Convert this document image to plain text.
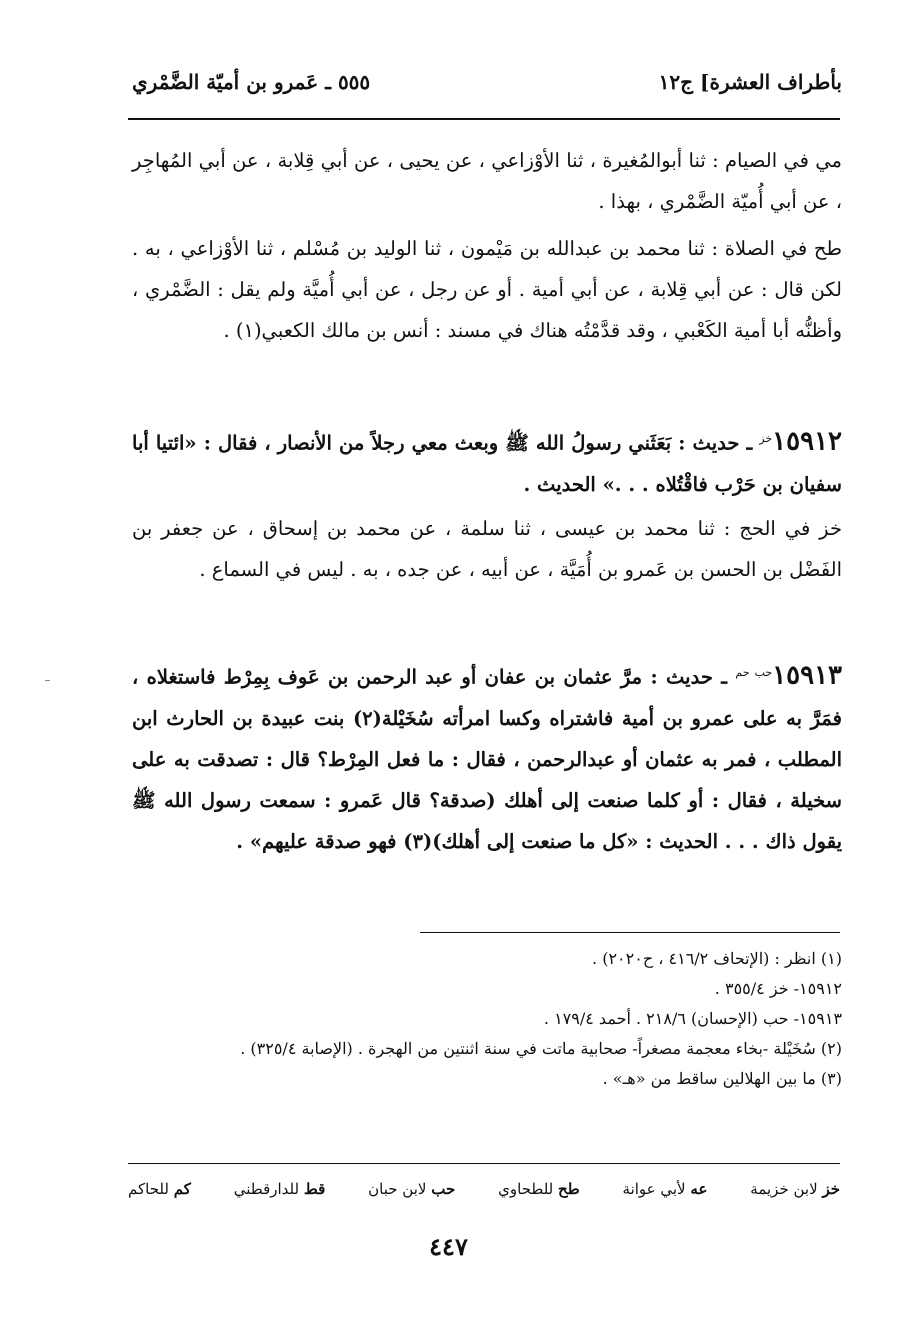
بأطراف العشرة] ج١٢
٥٥٥ ـ عَمرو بن أميّة الضَّمْري
مي في الصيام : ثنا أبوالمُغيرة ، ثنا الأوْزاعي ، عن يحيى ، عن أبي قِلابة ، عن أبي المُهاجِر ، عن أبي أُميّة الضَّمْري ، بهذا .
طح في الصلاة : ثنا محمد بن عبدالله بن مَيْمون ، ثنا الوليد بن مُسْلم ، ثنا الأوْزاعي ، به . لكن قال : عن أبي قِلابة ، عن أبي أمية . أو عن رجل ، عن أبي أُميَّة ولم يقل : الضَّمْري ، وأظنُّه أبا أمية الكَعْبي ، وقد قدَّمْتُه هناك في مسند : أنس بن مالك الكعبي(١) .
$١٥٩١٢^{خز}$ ـ حديث : بَعَثَني رسولُ الله ﷺ وبعث معي رجلاً من الأنصار ، فقال : «ائتيا أبا سفيان بن حَرْب فاقْتُلاه . . .» الحديث .
خز في الحج : ثنا محمد بن عيسى ، ثنا سلمة ، عن محمد بن إسحاق ، عن جعفر بن الفَضْل بن الحسن بن عَمرو بن أُمَيَّة ، عن أبيه ، عن جده ، به . ليس في السماع .
$١٥٩١٣^{حب حم}$ ـ حديث : مرَّ عثمان بن عفان أو عبد الرحمن بن عَوف بِمِرْط فاستغلاه ، فمَرَّ به على عمرو بن أمية فاشتراه وكسا امرأته سُخَيْلة(٢) بنت عبيدة بن الحارث ابن المطلب ، فمر به عثمان أو عبدالرحمن ، فقال : ما فعل المِرْط؟ قال : تصدقت به على سخيلة ، فقال : أو كلما صنعت إلى أهلك (صدقة؟ قال عَمرو : سمعت رسول الله ﷺ يقول ذاك . . . الحديث : «كل ما صنعت إلى أهلك)(٣) فهو صدقة عليهم» .
(١) انظر : (الإتحاف ٤١٦/٢ ، ح٢٠٢٠) .
١٥٩١٢- خز ٣٥٥/٤ .
١٥٩١٣- حب (الإحسان) ٢١٨/٦ . أحمد ١٧٩/٤ .
(٢) سُخَيْلة -بخاء معجمة مصغراً- صحابية ماتت في سنة اثنتين من الهجرة . (الإصابة ٣٢٥/٤) .
(٣) ما بين الهلالين ساقط من «هـ» .
خز لابن خزيمة
عه لأبي عوانة
طح للطحاوي
حب لابن حبان
قط للدارقطني
كم للحاكم
٤٤٧
